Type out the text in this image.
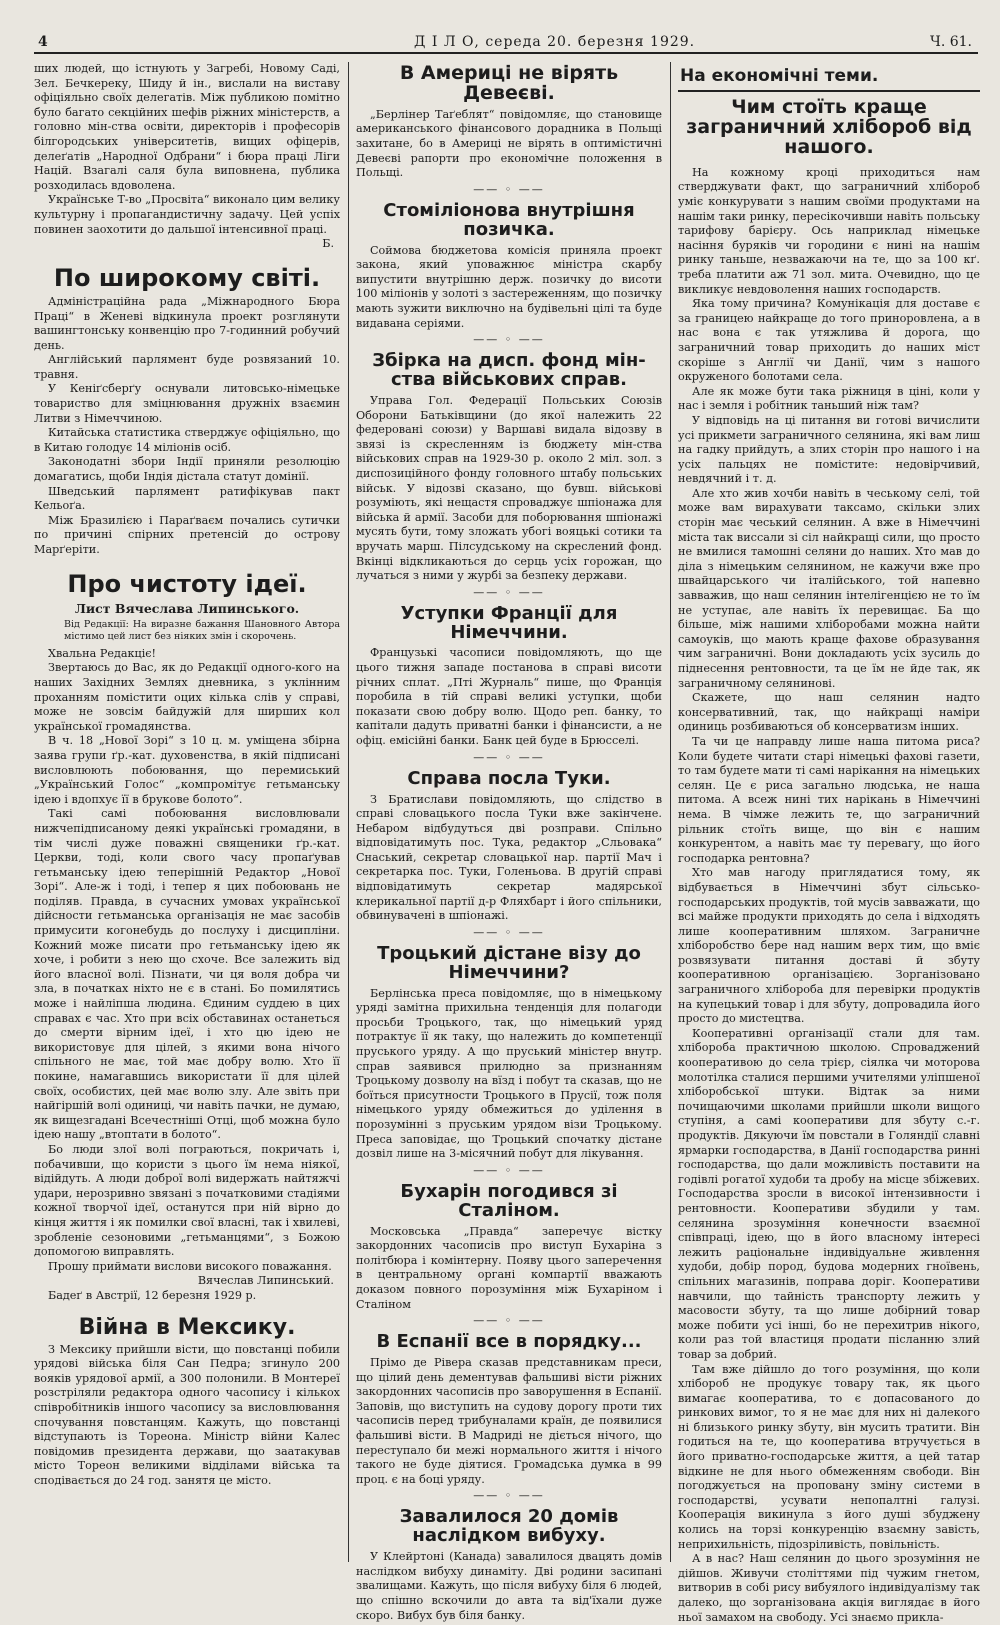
4	Д І Л О, середа 20. березня 1929.	Ч. 61.

ших людей, що істнують у Загребі, Новому Саді, Зел. Бечкереку, Шиду й ін., вислали на виставу офіціяльно своїх делегатів. Між публикою помітно було багато секційних шефів ріжних міністерств, а головно мін-ства освіти, директорів і професорів білгородських університетів, вищих офіцерів, делеґатів „Народної Одбрани“ і бюра праці Ліги Націй. Взагалі саля була виповнена, публика розходилась вдоволена.

Українське Т-во „Просвіта“ виконало цим велику культурну і пропагандистичну задачу. Цей успіх повинен заохотити до дальшої інтенсивної праці.

Б.
По широкому світі.

Адміністраційна рада „Міжнародного Бюра Праці“ в Женеві відкинула проект розглянути вашингтонську конвенцію про 7-годинний робучий день.

Англійський парлямент буде розвязаний 10. травня.

У Кеніґсберґу оснували литовсько-німецьке товариство для зміцнювання дружніх взаємин Литви з Німеччиною.

Китайська статистика стверджує офіціяльно, що в Китаю голодує 14 міліонів осіб.

Законодатні збори Індії приняли резолюцію домагатись, щоби Індія дістала статут домінії.

Шведський парлямент ратифікував пакт Кельоґа.

Між Бразилією і Параґваєм почались сутички по причині спірних претенсій до острову Марґеріти.

Про чистоту ідеї.
Лист Вячеслава Липинського.

Від Редакції: На виразне бажання Шановного Автора містимо цей лист без ніяких змін і скорочень.

Хвальна Редакціє!

Звертаюсь до Вас, як до Редакції одного-кого на наших Західних Землях дневника, з уклінним проханням помістити оцих кілька слів у справі, може не зовсім байдужій для ширших кол української громадянства.

В ч. 18 „Нової Зорі“ з 10 ц. м. уміщена збірна заява групи ґр.-кат. духовенства, в якій підписані висловлюють побоювання, що перемиський „Український Голос“ „компромітує гетьманську ідею і вдопхує її в брукове болото“.

Такі самі побоювання висловлювали нижчепідписаному деякі українські громадяни, в тім числі дуже поважні священики ґр.-кат. Церкви, тоді, коли свого часу пропаґував гетьманську ідею теперішній Редактор „Нової Зорі“. Але-ж і тоді, і тепер я цих побоювань не поділяв. Правда, в сучасних умовах української дійсности гетьманська організація не має засобів примусити когонебудь до послуху і дисципліни. Кожний може писати про гетьманську ідею як хоче, і робити з нею що схоче. Все залежить від його власної волі. Пізнати, чи ця воля добра чи зла, в початках ніхто не є в стані. Бо помилятись може і найліпша людина. Єдиним суддею в цих справах є час. Хто при всіх обставинах останеться до смерти вірним ідеї, і хто цю ідею не використовує для цілей, з якими вона нічого спільного не має, той має добру волю. Хто її покине, намагавшись використати її для цілей своїх, особистих, цей має волю злу. Але звіть при найгіршій волі одиниці, чи навіть пачки, не думаю, як вищезгадані Всечестніші Отці, щоб можна було ідею нашу „втоптати в болото“.

Бо люди злої волі пограються, покричать і, побачивши, що користи з цього їм нема ніякої, відійдуть. А люди доброї волі видержать найтяжчі удари, нерозривно звязані з початковими стадіями кожної творчої ідеї, останутся при ній вірно до кінця життя і як помилки свої власні, так і хвилеві, зробленіе сезоновими „гетьманцями“, з Божою допомогою виправлять.

Прошу приймати вислови високого поважання.

Вячеслав Липинський.

Бадеґ в Австрії, 12 березня 1929 р.

Війна в Мексику.

З Мексику прийшли вісти, що повстанці побили урядові війська біля Сан Педра; згинуло 200 вояків урядової армії, а 300 полонили. В Монтереї розстріляли редактора одного часопису і кількох співробітників іншого часопису за висловлювання спочування повстанцям. Кажуть, що повстанці відступають із Тореона. Міністр війни Калес повідомив президента держави, що заатакував місто Тореон великими відділами війська та сподівається до 24 год. занятя це місто.

В Америці не вірять Девеєві.

„Берлінер Таґеблят“ повідомляє, що становище американського фінансового дорадника в Польщі захитане, бо в Америці не вірять в оптимістичні Девеєві рапорти про економічне положення в Польщі.

—— ◦ ——
Стоміліонова внутрішня позичка.

Соймова бюджетова комісія приняла проект закона, який уповажнює міністра скарбу випустити внутрішню держ. позичку до висоти 100 міліонів у золоті з застереженням, що позичку мають зужити виключно на будівельні цілі та буде видавана серіями.

—— ◦ ——
Збірка на дисп. фонд мін-ства військових справ.

Управа Гол. Федерації Польських Союзів Оборони Батьківщини (до якої належить 22 федерованi союзи) у Варшаві видала відозву в звязі із скресленням із бюджету мін-ства військових справ на 1929-30 р. около 2 міл. зол. з диспозиційного фонду головного штабу польських військ. У відозві сказано, що бувш. військові розуміють, які нещастя спроваджує шпіонажа для війська й армії. Засоби для поборювання шпіонажі мусять бути, тому зложать убогі вояцькі сотики та вручать марш. Пілсудському на скреслений фонд. Вкінці відкликаються до серць усіх горожан, що лучаться з ними у журбі за безпеку держави.

—— ◦ ——
Уступки Франції для Німеччини.

Французькі часописи повідомляють, що ще цього тижня западе постанова в справі висоти річних сплат. „Пті Журналь“ пише, що Франція поробила в тій справі великі уступки, щоби показати свою добру волю. Щодо реп. банку, то капітали дадуть приватні банки і фінансисти, а не офіц. емісійні банки. Банк цей буде в Брюсселі.

—— ◦ ——
Справа посла Туки.

З Братислави повідомляють, що слідство в справі словацького посла Туки вже закінчене. Небаром відбудуться дві розправи. Спільно відповідатимуть пос. Тука, редактор „Сльовака“ Снаський, секретар словацької нар. партії Мач і секретарка пос. Туки, Голеньова. В другій справі відповідатимуть секретар мадярської клерикальної партії д-р Фляхбарт і його спільники, обвинувачені в шпіонажі.

—— ◦ ——
Троцький дістане візу до Німеччини?

Берлінська преса повідомляє, що в німецькому уряді замітна прихильна тенденція для полагоди просьби Троцького, так, що німецький уряд потрактує її як таку, що належить до компетенції пруського уряду. А що пруський міністер внутр. справ заявився прилюдно за признанням Троцькому дозволу на вїзд і побут та сказав, що не боїться присутности Троцького в Прусії, тож поля німецького уряду обмежиться до уділення в порозумінні з пруським урядом візи Троцькому. Преса заповідає, що Троцький спочатку дістане дозвіл лише на 3-місячний побут для лікування.

—— ◦ ——
Бухарін погодився зі Сталіном.

Московська „Правда“ заперечує вістку закордонних часописів про виступ Бухаріна з політбюра і комінтерну. Появу цього заперечення в центральному органі компартії вважають доказом повного порозуміння між Бухаріном і Сталіном

—— ◦ ——
В Еспанії все в порядку...

Прімо де Рівера сказав представникам преси, що цілий день дементував фальшиві вісти ріжних закордонних часописів про заворушення в Еспанії. Заповів, що виступить на судову дорогу проти тих часописів перед трибуналами країн, де появилися фальшиві вісти. В Мадриді не діється нічого, що переступало би межі нормального життя і нічого такого не буде діятися. Громадська думка в 99 проц. є на боці уряду.

—— ◦ ——
Завалилося 20 домів наслідком вибуху.

У Клейртоні (Канада) завалилося двацять домів наслідком вибуху динаміту. Дві родини засипані звалищами. Кажуть, що після вибуху біля 6 людей, що спішно вскочили до авта та від'їхали дуже скоро. Вибух був біля банку.

На економічні теми.
Чим стоїть краще заграничний хлібороб від нашого.

На кожному кроці приходиться нам стверджувати факт, що заграничний хлібороб уміє конкурувати з нашим своїми продуктами на нашім таки ринку, пересікочивши навіть польську тарифову барієру. Ось наприклад німецьке насіння буряків чи городини є нині на нашім ринку таньше, незважаючи на те, що за 100 кґ. треба платити аж 71 зол. мита. Очевидно, що це викликує невдоволення наших господарств.

Яка тому причина? Комунікація для доставе є за границею найкраще до того приноровлена, а в нас вона є так утяжлива й дорога, що заграничний товар приходить до наших міст скоріше з Англії чи Данії, чим з нашого окруженого болотами села.

Але як може бути така ріжниця в ціні, коли у нас і земля і робітник таньший ніж там?

У відповідь на ці питання ви готові вичислити усі прикмети заграничного селянина, які вам лиш на гадку прийдуть, а злих сторін про нашого і на усіх пальцях не помістите: недовірчивий, невдячний і т. д.

Але хто жив хочби навіть в чеському селі, той може вам вирахувати таксамо, скільки злих сторін має чеський селянин. А вже в Німеччині міста так виссали зі сіл найкращі сили, що просто не вмилися тамошні селяни до наших. Хто мав до діла з німецьким селянином, не кажучи вже про швайцарського чи італійського, той напевно завважив, що наш селянин інтелігенцією не то їм не уступає, але навіть їх перевищає. Ба що більше, між нашими хліборобами можна найти самоуків, що мають краще фахове образування чим заграничні. Вони докладають усіх зусиль до піднесення рентовности, та це їм не йде так, як заграничному селянинові.

Скажете, що наш селянин надто консервативний, так, що найкращі наміри одиниць розбиваються об консерватизм інших.

Та чи це направду лише наша питома риса? Коли будете читати старі німецькі фахові газети, то там будете мати ті самі нарікання на німецьких селян. Це є риса загально людська, не наша питома. А всеж нині тих нарікань в Німеччині нема. В чімже лежить те, що заграничний рільник стоїть вище, що він є нашим конкурентом, а навіть має ту перевагу, що його господарка рентовна?

Хто мав нагоду приглядатися тому, як відбувається в Німеччині збут сільсько-господарських продуктів, той мусів завважати, що всі майже продукти приходять до села і відходять лише кооперативним шляхом. Заграничне хліборобство бере над нашим верх тим, що вміє розвязувати питання доставі й збуту кооперативною організацією. Зорганізовано заграничного хлібороба для перевірки продуктів на купецький товар і для збуту, допровадила його просто до мистецтва.

Кооперативні організації стали для там. хлібороба практичною школою. Спроваджений кооперативою до села трієр, сіялка чи моторова молотілка сталися першими учителями уліпшеної хліборобської штуки. Відтак за ними почищаючими школами прийшли школи вищого ступіня, а самі кооперативи для збуту с.-г. продуктів. Дякуючи їм повстали в Голяндії славні ярмарки господарства, в Данії господарства ринні господарства, що дали можливість поставити на годівлі рогатої худоби та дробу на місце збіжевих. Господарства зросли в високої інтензивности і рентовности. Кооперативи збудили у там. селянина зрозуміння конечности взаємної співпраці, ідею, що в його власному інтересі лежить раціональне індивідуальне живлення худоби, добір пород, будова модерних гноївень, спільних магазинів, поправа доріг. Кооперативи навчили, що тайність транспорту лежить у масовости збуту, та що лише добірний товар може побити усі інші, бо не перехитрив нікого, коли раз той властиця продати післанню злий товар за добрий.

Там вже дійшло до того розуміння, що коли хлібороб не продукує товару так, як цього вимагає кооператива, то є допасованого до ринкових вимог, то я не має для них ні далекого ні близького ринку збуту, він мусить тратити. Він годиться на те, що кооператива втручується в його приватно-господарське життя, а цей татар відкине не для нього обмеженням свободи. Він погоджується на проповану зміну системи в господарстві, усувати непопалтні галузі. Кооперація викинула з його душі збуджену колись на торзі конкуренцію взаємну завість, неприхильність, підозріливість, повільність.

А в нас? Наш селянин до цього зрозуміння не дійшов. Живучи століттями під чужим гнетом, витворив в собі рису вибуялого індивідуалізму так далеко, що зорганізована акція виглядає в його ньої замахом на свободу. Усі знаємо прикла-
